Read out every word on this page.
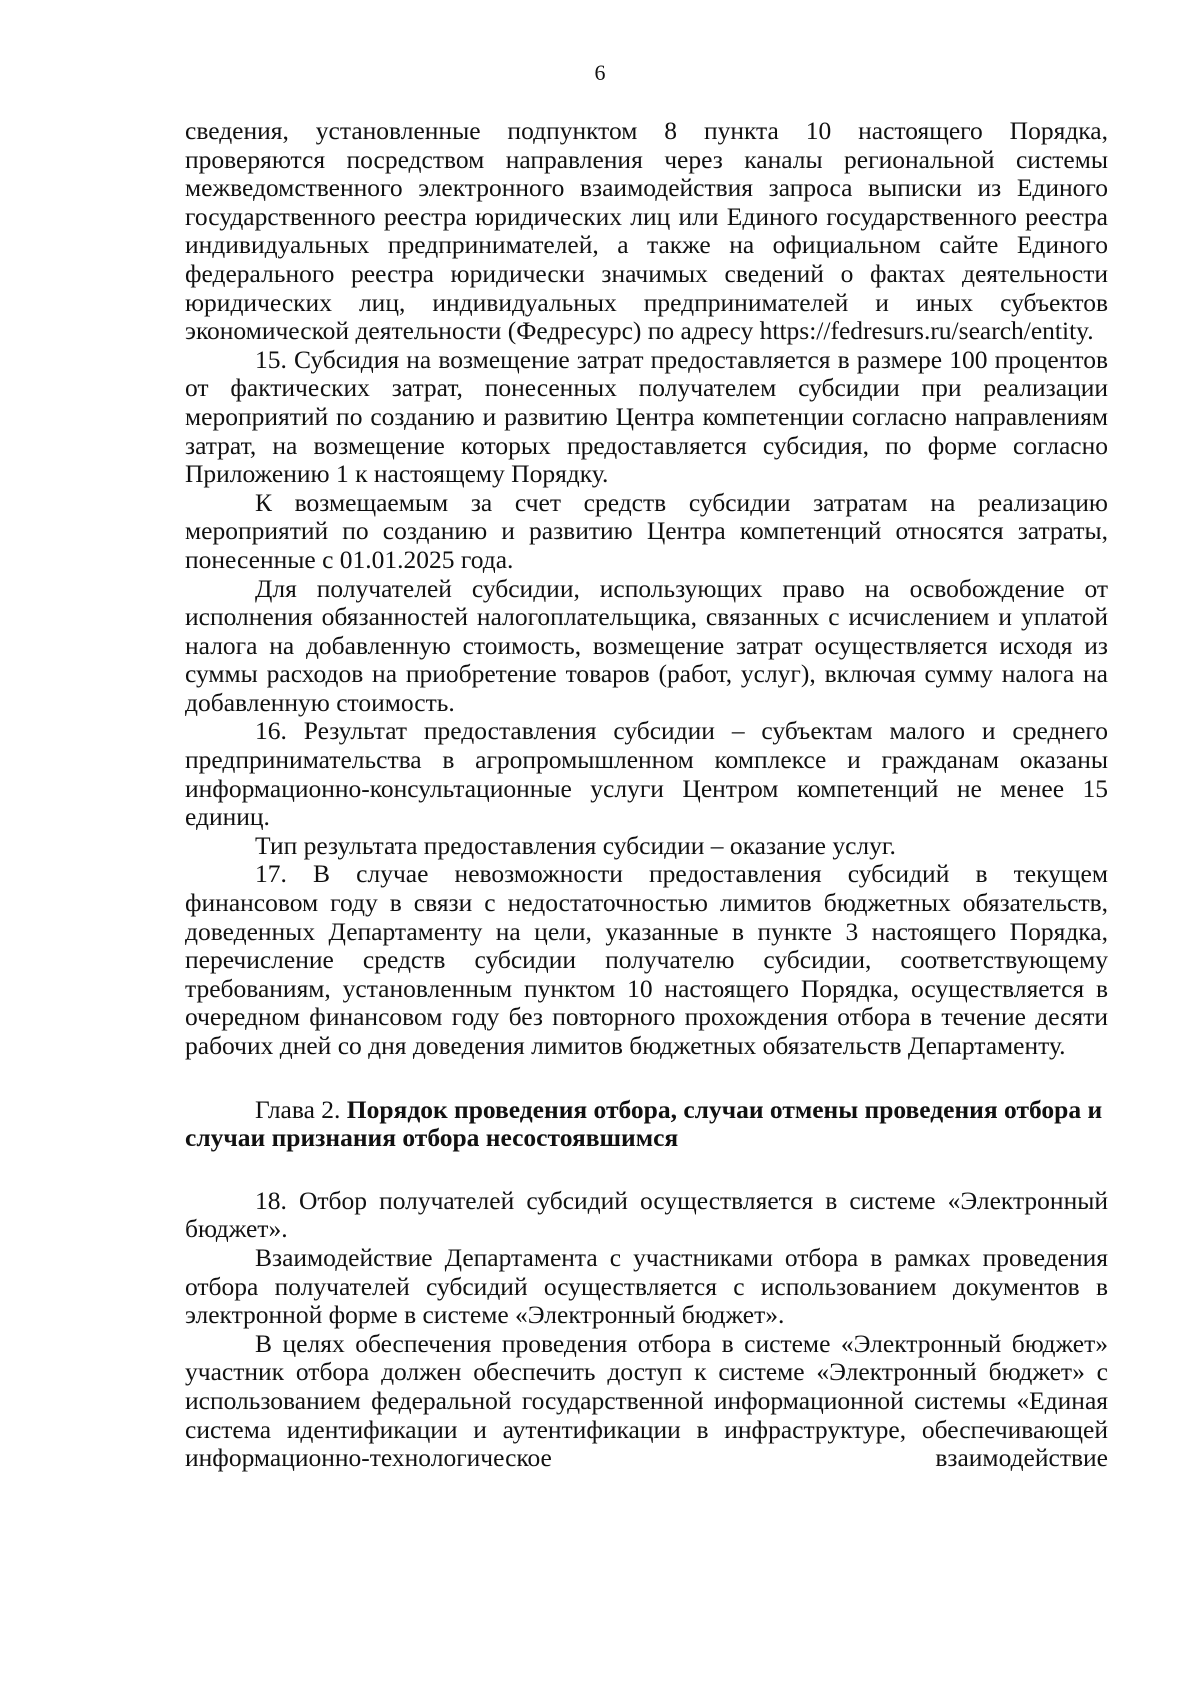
6

сведения, установленные подпунктом 8 пункта 10 настоящего Порядка, проверяются посредством направления через каналы региональной системы межведомственного электронного взаимодействия запроса выписки из Единого государственного реестра юридических лиц или Единого государственного реестра индивидуальных предпринимателей, а также на официальном сайте Единого федерального реестра юридически значимых сведений о фактах деятельности юридических лиц, индивидуальных предпринимателей и иных субъектов экономической деятельности (Федресурс) по адресу https://fedresurs.ru/search/entity.

15. Субсидия на возмещение затрат предоставляется в размере 100 процентов от фактических затрат, понесенных получателем субсидии при реализации мероприятий по созданию и развитию Центра компетенции согласно направлениям затрат, на возмещение которых предоставляется субсидия, по форме согласно Приложению 1 к настоящему Порядку.

К возмещаемым за счет средств субсидии затратам на реализацию мероприятий по созданию и развитию Центра компетенций относятся затраты, понесенные с 01.01.2025 года.

Для получателей субсидии, использующих право на освобождение от исполнения обязанностей налогоплательщика, связанных с исчислением и уплатой налога на добавленную стоимость, возмещение затрат осуществляется исходя из суммы расходов на приобретение товаров (работ, услуг), включая сумму налога на добавленную стоимость.

16. Результат предоставления субсидии – субъектам малого и среднего предпринимательства в агропромышленном комплексе и гражданам оказаны информационно-консультационные услуги Центром компетенций не менее 15 единиц.

Тип результата предоставления субсидии – оказание услуг.

17. В случае невозможности предоставления субсидий в текущем финансовом году в связи с недостаточностью лимитов бюджетных обязательств, доведенных Департаменту на цели, указанные в пункте 3 настоящего Порядка, перечисление средств субсидии получателю субсидии, соответствующему требованиям, установленным пунктом 10 настоящего Порядка, осуществляется в очередном финансовом году без повторного прохождения отбора в течение десяти рабочих дней со дня доведения лимитов бюджетных обязательств Департаменту.

Глава 2. Порядок проведения отбора, случаи отмены проведения отбора и случаи признания отбора несостоявшимся

18. Отбор получателей субсидий осуществляется в системе «Электронный бюджет».

Взаимодействие Департамента с участниками отбора в рамках проведения отбора получателей субсидий осуществляется с использованием документов в электронной форме в системе «Электронный бюджет».

В целях обеспечения проведения отбора в системе «Электронный бюджет» участник отбора должен обеспечить доступ к системе «Электронный бюджет» с использованием федеральной государственной информационной системы «Единая система идентификации и аутентификации в инфраструктуре, обеспечивающей информационно-технологическое взаимодействие
